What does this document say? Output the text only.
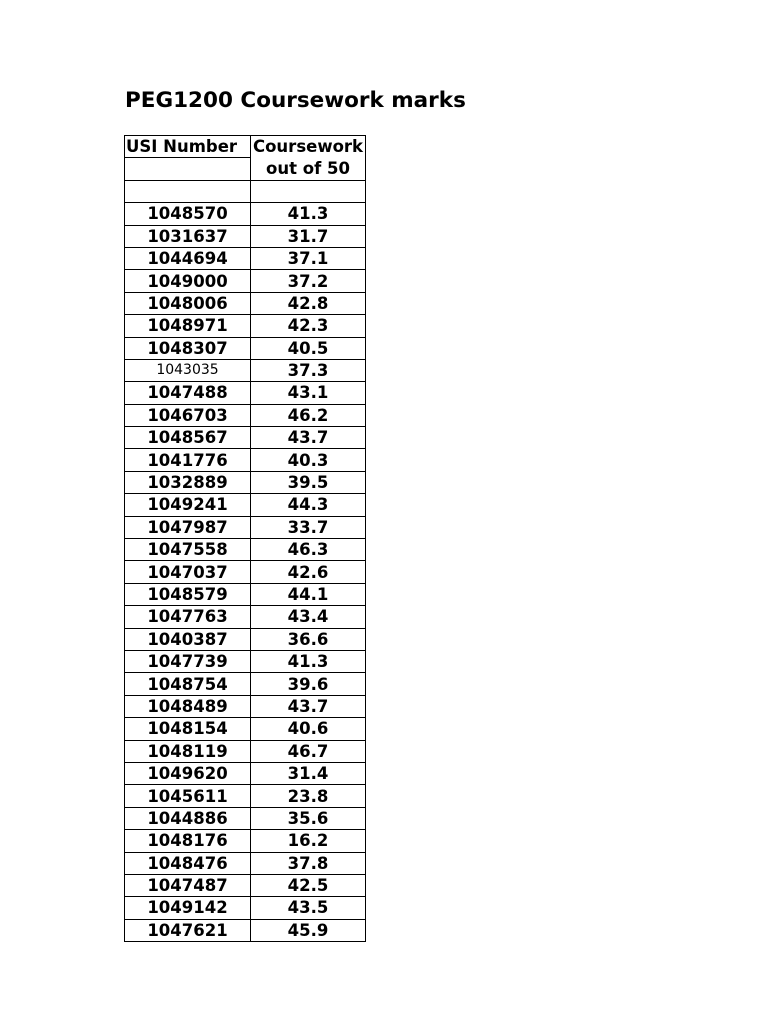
PEG1200 Coursework marks
USI Number	Coursework
out of 50

1048570	41.3
1031637	31.7
1044694	37.1
1049000	37.2
1048006	42.8
1048971	42.3
1048307	40.5
1043035	37.3
1047488	43.1
1046703	46.2
1048567	43.7
1041776	40.3
1032889	39.5
1049241	44.3
1047987	33.7
1047558	46.3
1047037	42.6
1048579	44.1
1047763	43.4
1040387	36.6
1047739	41.3
1048754	39.6
1048489	43.7
1048154	40.6
1048119	46.7
1049620	31.4
1045611	23.8
1044886	35.6
1048176	16.2
1048476	37.8
1047487	42.5
1049142	43.5
1047621	45.9
